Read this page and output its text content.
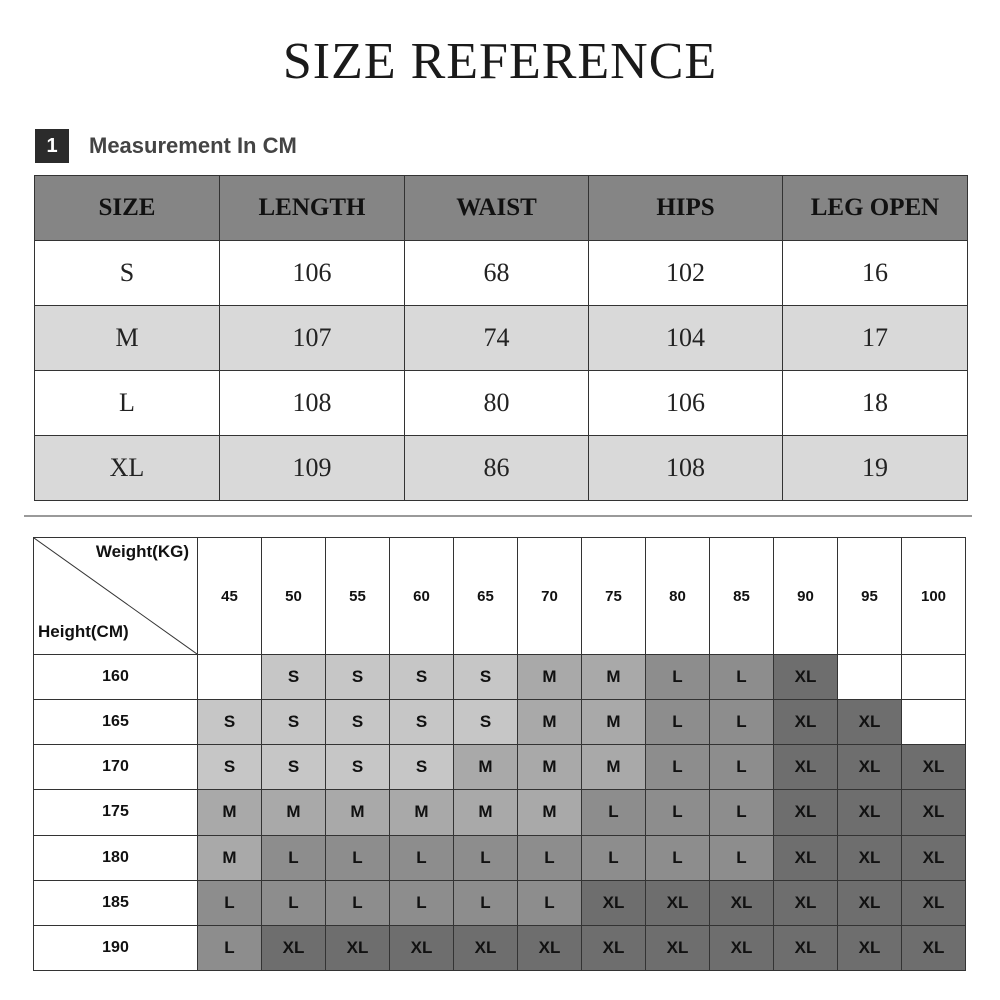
SIZE REFERENCE
1	Measurement In CM
SIZE	LENGTH	WAIST	HIPS	LEG OPEN
S	106	68	102	16
M	107	74	104	17
L	108	80	106	18
XL	109	86	108	19
Weight(KG)
Height(CM)	45	50	55	60	65	70	75	80	85	90	95	100
160		S	S	S	S	M	M	L	L	XL		
165	S	S	S	S	S	M	M	L	L	XL	XL	
170	S	S	S	S	M	M	M	L	L	XL	XL	XL
175	M	M	M	M	M	M	L	L	L	XL	XL	XL
180	M	L	L	L	L	L	L	L	L	XL	XL	XL
185	L	L	L	L	L	L	XL	XL	XL	XL	XL	XL
190	L	XL	XL	XL	XL	XL	XL	XL	XL	XL	XL	XL
